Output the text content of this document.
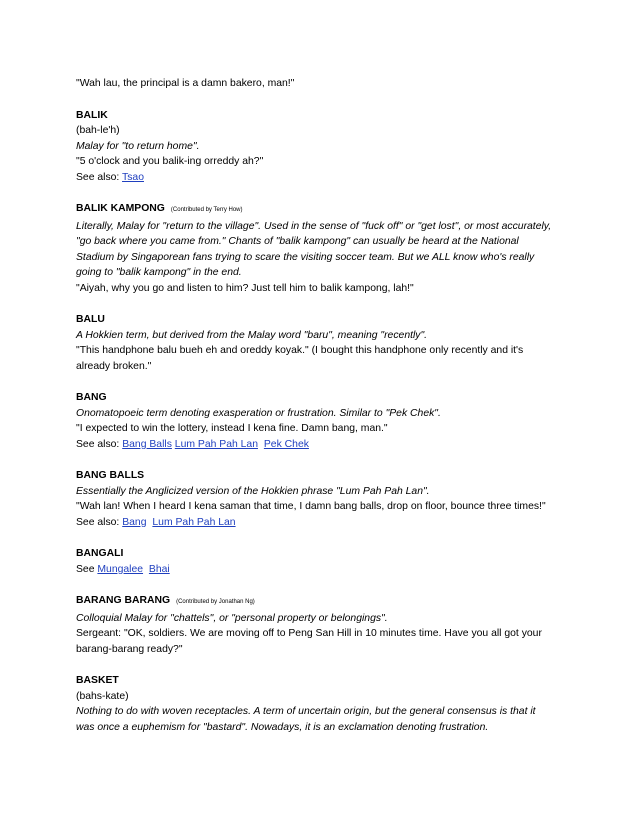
"Wah lau, the principal is a damn bakero, man!"

BALIK

(bah-le'h)

Malay for "to return home".

"5 o'clock and you balik-ing orreddy ah?"

See also: Tsao

BALIK KAMPONG (Contributed by Terry How)

Literally, Malay for "return to the village". Used in the sense of "fuck off" or "get lost", or most accurately,

"go back where you came from." Chants of "balik kampong" can usually be heard at the National

Stadium by Singaporean fans trying to scare the visiting soccer team. But we ALL know who's really

going to "balik kampong" in the end.

"Aiyah, why you go and listen to him? Just tell him to balik kampong, lah!"

BALU

A Hokkien term, but derived from the Malay word "baru", meaning "recently".

"This handphone balu bueh eh and oreddy koyak." (I bought this handphone only recently and it's

already broken."

BANG

Onomatopoeic term denoting exasperation or frustration. Similar to "Pek Chek".

"I expected to win the lottery, instead I kena fine. Damn bang, man."

See also: Bang Balls Lum Pah Pah Lan Pek Chek

BANG BALLS

Essentially the Anglicized version of the Hokkien phrase "Lum Pah Pah Lan".

"Wah lan! When I heard I kena saman that time, I damn bang balls, drop on floor, bounce three times!"

See also: Bang Lum Pah Pah Lan

BANGALI

See Mungalee Bhai

BARANG BARANG (Contributed by Jonathan Ng)

Colloquial Malay for "chattels", or "personal property or belongings".

Sergeant: "OK, soldiers. We are moving off to Peng San Hill in 10 minutes time. Have you all got your

barang-barang ready?"

BASKET

(bahs-kate)

Nothing to do with woven receptacles. A term of uncertain origin, but the general consensus is that it

was once a euphemism for "bastard". Nowadays, it is an exclamation denoting frustration.
